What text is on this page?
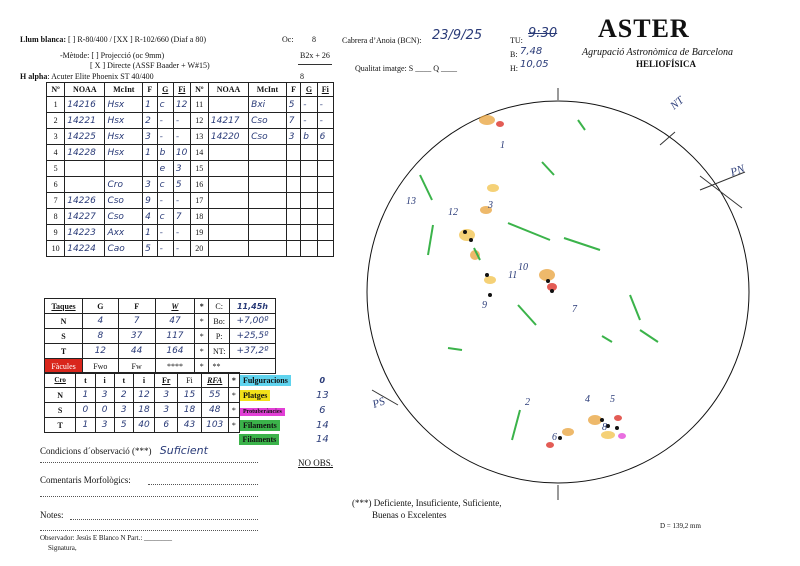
Llum blanca: [ ] R-80/400 / [XX ] R-102/660 (Diaf a 80)	Oc: 8
-Mètode: [ ] Projecció (oc 9mm)	B2x + 26
[ X ] Directe (ASSF Baader + W#15)
H alpha: Acuter Elite Phoenix ST 40/400	8
Cabrera d’Anoia (BCN): 23/9/25	TU: 9:30
Qualitat imatge: S ____ Q ____
B: 7,48
H: 10,05
ASTER
Agrupació Astronòmica de Barcelona
HELIOFÍSICA
Nº	NOAA	McInt	F	G	Fi	Nº	NOAA	McInt	F	G	Fi
1	14216	Hsx	1	c	12	11		Bxi	5	-	-
2	14221	Hsx	2	-	-	12	14217	Cso	7	-	-
3	14225	Hsx	3	-	-	13	14220	Cso	3	b	6
4	14228	Hsx	1	b	10	14					
5				e	3	15					
6		Cro	3	c	5	16					
7	14226	Cso	9	-	-	17					
8	14227	Cso	4	c	7	18					
9	14223	Axx	1	-	-	19					
10	14224	Cao	5	-	-	20					
Taques	G	F	W	*	C:	11,45h
N	4	7	47	*	Bo:	+7,00º
S	8	37	117	*	P:	+25,5º
T	12	44	164	*	NT:	+37,2º
Fàcules	Fwo	Fw	****	*	**	
Cro	t	i	t	i	Fr	Fi	RFA	*	Fulguracions	0
N	1	3	2	12	3	15	55	*	Platges	13
S	0	0	3	18	3	18	48	*	Protuberàncies	6
T	1	3	5	40	6	43	103	*	Filaments	14
									Filaments	14
Condicions d´observació (***) Suficient
Comentaris Morfològics:
Notes:
Observador: Jesús E Blanco N Part.: ________
Signatura,
NO OBS.
(***) Deficiente, Insuficiente, Suficiente,
Buenas o Excelentes
D = 139,2 mm
NT
PN
PS
1
3
4
13
12
11
10
9
2	5
8
6
7
